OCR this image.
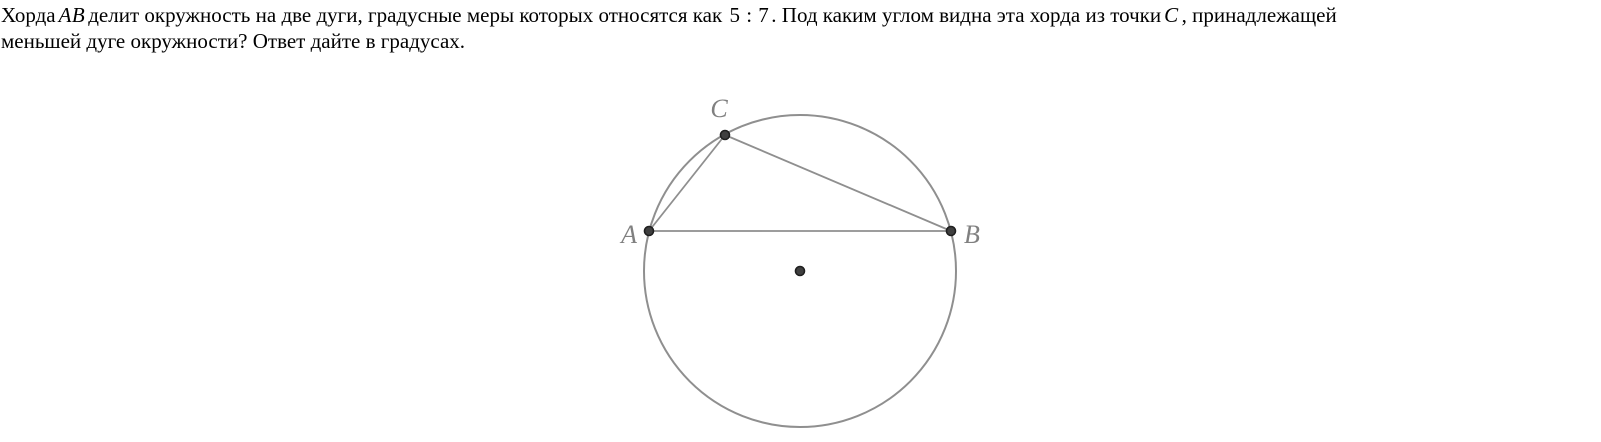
Хорда AB делит окружность на две дуги, градусные меры которых относятся как 5 : 7. Под каким углом видна эта хорда из точки C , принадлежащей
меньшей дуге окружности? Ответ дайте в градусах.
A	B
C
